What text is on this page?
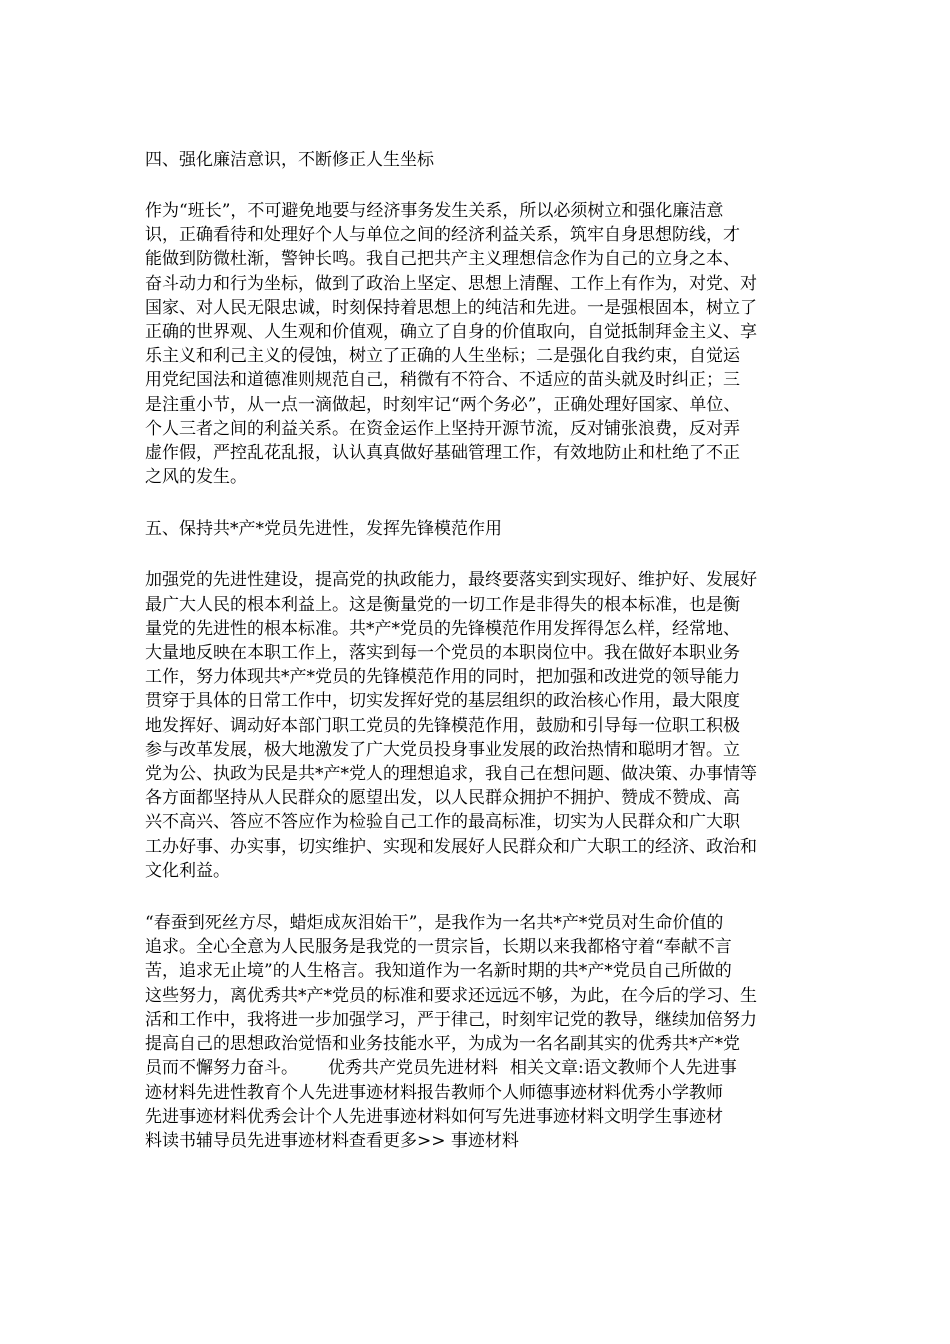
四、强化廉洁意识，不断修正人生坐标
作为“班长”，不可避免地要与经济事务发生关系，所以必须树立和强化廉洁意
识，正确看待和处理好个人与单位之间的经济利益关系，筑牢自身思想防线，才
能做到防微杜渐，警钟长鸣。我自己把共产主义理想信念作为自己的立身之本、
奋斗动力和行为坐标，做到了政治上坚定、思想上清醒、工作上有作为，对党、对
国家、对人民无限忠诚，时刻保持着思想上的纯洁和先进。一是强根固本，树立了
正确的世界观、人生观和价值观，确立了自身的价值取向，自觉抵制拜金主义、享
乐主义和利己主义的侵蚀，树立了正确的人生坐标；二是强化自我约束，自觉运
用党纪国法和道德准则规范自己，稍微有不符合、不适应的苗头就及时纠正；三
是注重小节，从一点一滴做起，时刻牢记“两个务必”，正确处理好国家、单位、
个人三者之间的利益关系。在资金运作上坚持开源节流，反对铺张浪费，反对弄
虚作假，严控乱花乱报，认认真真做好基础管理工作，有效地防止和杜绝了不正
之风的发生。
五、保持共*产*党员先进性，发挥先锋模范作用
加强党的先进性建设，提高党的执政能力，最终要落实到实现好、维护好、发展好
最广大人民的根本利益上。这是衡量党的一切工作是非得失的根本标准，也是衡
量党的先进性的根本标准。共*产*党员的先锋模范作用发挥得怎么样，经常地、
大量地反映在本职工作上，落实到每一个党员的本职岗位中。我在做好本职业务
工作，努力体现共*产*党员的先锋模范作用的同时，把加强和改进党的领导能力
贯穿于具体的日常工作中，切实发挥好党的基层组织的政治核心作用，最大限度
地发挥好、调动好本部门职工党员的先锋模范作用，鼓励和引导每一位职工积极
参与改革发展，极大地激发了广大党员投身事业发展的政治热情和聪明才智。立
党为公、执政为民是共*产*党人的理想追求，我自己在想问题、做决策、办事情等
各方面都坚持从人民群众的愿望出发，以人民群众拥护不拥护、赞成不赞成、高
兴不高兴、答应不答应作为检验自己工作的最高标准，切实为人民群众和广大职
工办好事、办实事，切实维护、实现和发展好人民群众和广大职工的经济、政治和
文化利益。
“春蚕到死丝方尽，蜡炬成灰泪始干”，是我作为一名共*产*党员对生命价值的
追求。全心全意为人民服务是我党的一贯宗旨，长期以来我都格守着“奉献不言
苦，追求无止境”的人生格言。我知道作为一名新时期的共*产*党员自己所做的
这些努力，离优秀共*产*党员的标准和要求还远远不够，为此，在今后的学习、生
活和工作中，我将进一步加强学习，严于律己，时刻牢记党的教导，继续加倍努力
提高自己的思想政治觉悟和业务技能水平，为成为一名名副其实的优秀共*产*党
员而不懈努力奋斗。 优秀共产党员先进材料 相关文章:语文教师个人先进事
迹材料先进性教育个人先进事迹材料报告教师个人师德事迹材料优秀小学教师
先进事迹材料优秀会计个人先进事迹材料如何写先进事迹材料文明学生事迹材
料读书辅导员先进事迹材料查看更多>> 事迹材料
